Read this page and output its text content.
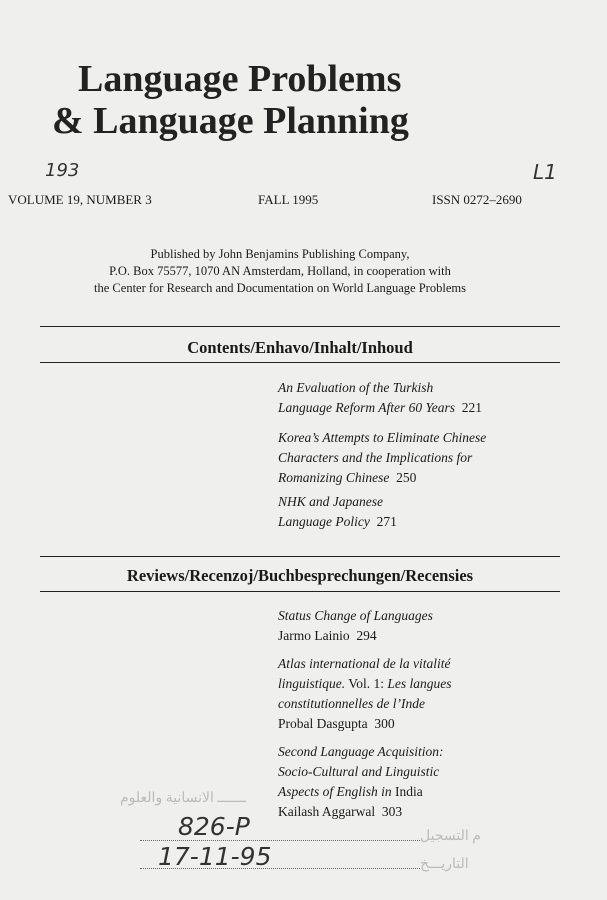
Language Problems
& Language Planning
193	L1
VOLUME 19, NUMBER 3	FALL 1995	ISSN 0272–2690
Published by John Benjamins Publishing Company,
P.O. Box 75577, 1070 AN Amsterdam, Holland, in cooperation with
the Center for Research and Documentation on World Language Problems
Contents/Enhavo/Inhalt/Inhoud
An Evaluation of the Turkish
Language Reform After 60 Years 221
Korea’s Attempts to Eliminate Chinese
Characters and the Implications for
Romanizing Chinese 250
NHK and Japanese
Language Policy 271
Reviews/Recenzoj/Buchbesprechungen/Recensies
Status Change of Languages
Jarmo Lainio 294
Atlas international de la vitalité
linguistique. Vol. 1: Les langues
constitutionnelles de l’Inde
Probal Dasgupta 300
Second Language Acquisition:
Socio-Cultural and Linguistic
Aspects of English in India
Kailash Aggarwal 303
ـــــــ الانسانية والعلوم
م التسجيل
التاريـــخ
826-P
17-11-95
